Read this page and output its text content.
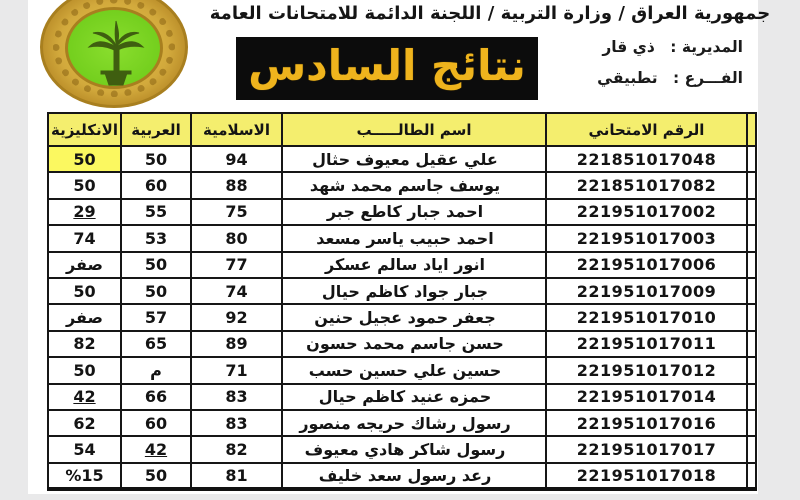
جمهورية العراق / وزارة التربية / اللجنة الدائمة للامتحانات العامة
نتائج السادس	المديرية : ذي قار
الفـــرع : تطبيقي
الانكليزية	العربية	الاسلامية	اسم الطالـــــب	الرقم الامتحاني	
50	50	94	علي عقيل معيوف حثال	221851017048	
50	60	88	يوسف جاسم محمد شهد	221851017082	
29	55	75	احمد جبار كاطع جبر	221951017002	
74	53	80	احمد حبيب ياسر مسعد	221951017003	
صفر	50	77	انور اياد سالم عسكر	221951017006	
50	50	74	جبار جواد كاظم حيال	221951017009	
صفر	57	92	جعفر حمود عجيل حنين	221951017010	
82	65	89	حسن جاسم محمد حسون	221951017011	
50	م	71	حسين علي حسين حسب	221951017012	
42	66	83	حمزه عنيد كاظم حيال	221951017014	
62	60	83	رسول رشاك حريجه منصور	221951017016	
54	42	82	رسول شاكر هادي معيوف	221951017017	
%15	50	81	رعد رسول سعد خليف	221951017018	
